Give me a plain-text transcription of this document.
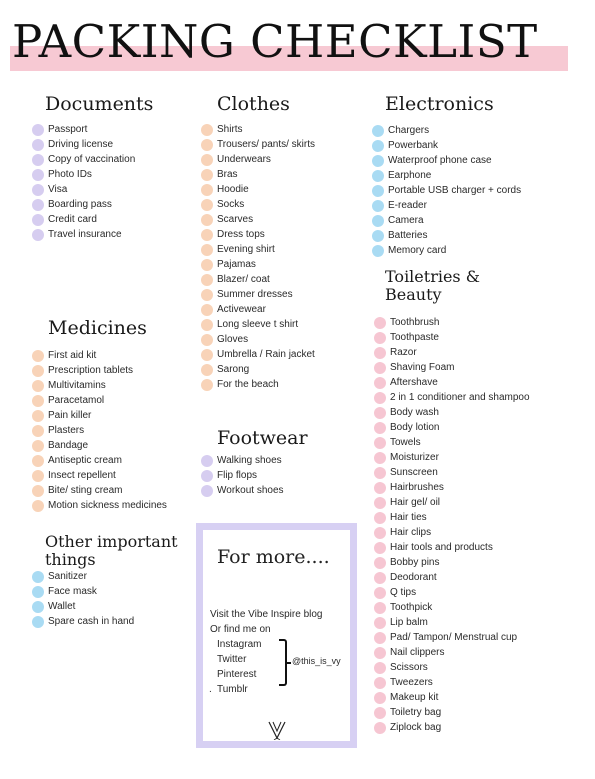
PACKING CHECKLIST
Documents
Passport
Driving license
Copy of vaccination
Photo IDs
Visa
Boarding pass
Credit card
Travel insurance
Clothes
Shirts
Trousers/ pants/ skirts
Underwears
Bras
Hoodie
Socks
Scarves
Dress tops
Evening shirt
Pajamas
Blazer/ coat
Summer dresses
Activewear
Long sleeve t shirt
Gloves
Umbrella / Rain jacket
Sarong
For the beach
Electronics
Chargers
Powerbank
Waterproof phone case
Earphone
Portable USB charger + cords
E-reader
Camera
Batteries
Memory card
Medicines
First aid kit
Prescription tablets
Multivitamins
Paracetamol
Pain killer
Plasters
Bandage
Antiseptic cream
Insect repellent
Bite/ sting cream
Motion sickness medicines
Footwear
Walking shoes
Flip flops
Workout shoes
Toiletries &
Beauty
Toothbrush
Toothpaste
Razor
Shaving Foam
Aftershave
2 in 1 conditioner and shampoo
Body wash
Body lotion
Towels
Moisturizer
Sunscreen
Hairbrushes
Hair gel/ oil
Hair ties
Hair clips
Hair tools and products
Bobby pins
Deodorant
Q tips
Toothpick
Lip balm
Pad/ Tampon/ Menstrual cup
Nail clippers
Scissors
Tweezers
Makeup kit
Toiletry bag
Ziplock bag
Other important
things
Sanitizer
Face mask
Wallet
Spare cash in hand
For more....
Visit the Vibe Inspire blog
Or find me on
Instagram
Twitter
Pinterest
. Tumblr
@this_is_vy
